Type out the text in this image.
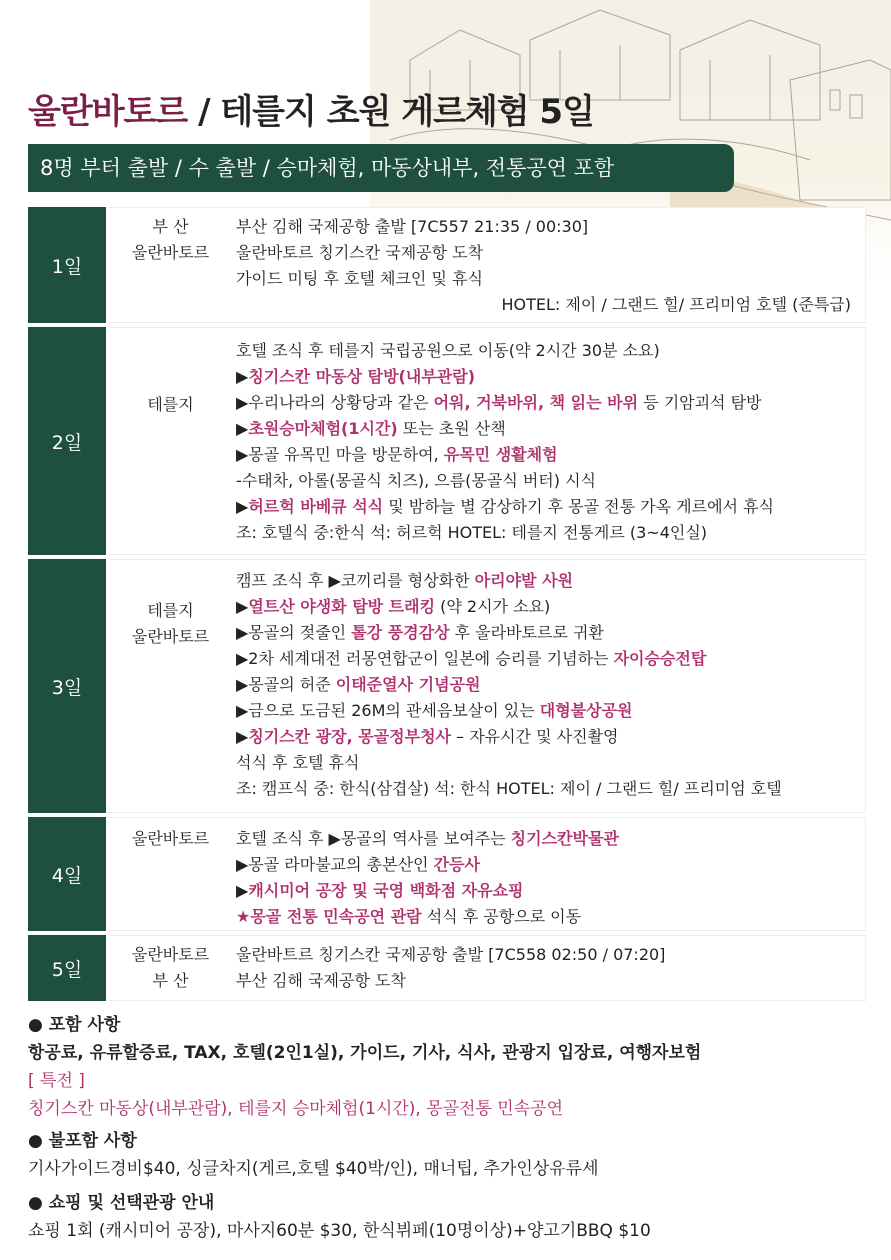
울란바토르 / 테를지 초원 게르체험 5일
8명 부터 출발 / 수 출발 / 승마체험, 마동상내부, 전통공연 포함
1일
부 산
울란바토르
부산 김해 국제공항 출발 [7C557 21:35 / 00:30]
울란바토르 칭기스칸 국제공항 도착
가이드 미팅 후 호텔 체크인 및 휴식
HOTEL: 제이 / 그랜드 힐/ 프리미엄 호텔 (준특급)
2일
테를지
호텔 조식 후 테를지 국립공원으로 이동(약 2시간 30분 소요)
▶칭기스칸 마동상 탐방(내부관람)
▶우리나라의 상황당과 같은 어워, 거북바위, 책 읽는 바위 등 기암괴석 탐방
▶초원승마체험(1시간) 또는 초원 산책
▶몽골 유목민 마을 방문하여, 유목민 생활체험
-수태차, 아롤(몽골식 치즈), 으름(몽골식 버터) 시식
▶허르헉 바베큐 석식 및 밤하늘 별 감상하기 후 몽골 전통 가옥 게르에서 휴식
조: 호텔식 중:한식 석: 허르헉 HOTEL: 테를지 전통게르 (3~4인실)
3일
테를지
울란바토르
캠프 조식 후 ▶코끼리를 형상화한 아리야발 사원
▶열트산 야생화 탐방 트래킹 (약 2시가 소요)
▶몽골의 젖줄인 톨강 풍경감상 후 울라바토르로 귀환
▶2차 세계대전 러몽연합군이 일본에 승리를 기념하는 자이승승전탑
▶몽골의 허준 이태준열사 기념공원
▶금으로 도금된 26M의 관세음보살이 있는 대형불상공원
▶칭기스칸 광장, 몽골정부청사 – 자유시간 및 사진촬영
석식 후 호텔 휴식
조: 캠프식 중: 한식(삼겹살) 석: 한식 HOTEL: 제이 / 그랜드 힐/ 프리미엄 호텔
4일
울란바토르	호텔 조식 후 ▶몽골의 역사를 보여주는 칭기스칸박물관
▶몽골 라마불교의 총본산인 간등사
▶캐시미어 공장 및 국영 백화점 자유쇼핑
★몽골 전통 민속공연 관람 석식 후 공항으로 이동
5일
울란바토르
부 산
울란바트르 칭기스칸 국제공항 출발 [7C558 02:50 / 07:20]
부산 김해 국제공항 도착
● 포함 사항
항공료, 유류할증료, TAX, 호텔(2인1실), 가이드, 기사, 식사, 관광지 입장료, 여행자보험
[ 특전 ]
칭기스칸 마동상(내부관람), 테를지 승마체험(1시간), 몽골전통 민속공연
● 불포함 사항
기사가이드경비$40, 싱글차지(게르,호텔 $40박/인), 매너팁, 추가인상유류세
● 쇼핑 및 선택관광 안내
쇼핑 1회 (캐시미어 공장), 마사지60분 $30, 한식뷔페(10명이상)+양고기BBQ $10
